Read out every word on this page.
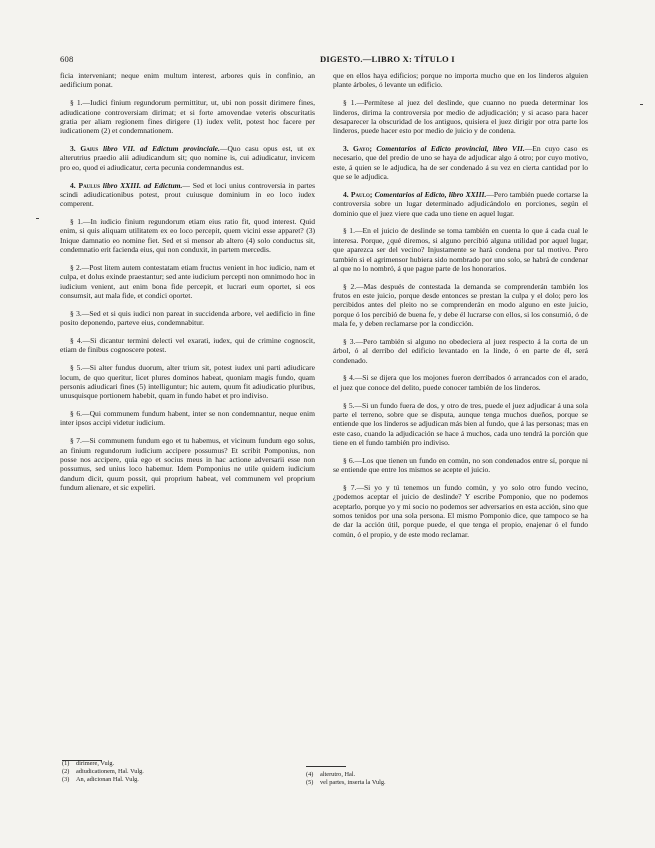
608	DIGESTO.—LIBRO X: TÍTULO I

ficia interveniant; neque enim multum interest, arbores quis in confinio, an aedificium ponat.

§ 1.—Iudici finium regundorum permittitur, ut, ubi non possit dirimere fines, adiudicatione controversiam dirimat; et si forte amovendae veteris obscuritatis gratia per aliam regionem fines dirigere (1) iudex velit, potest hoc facere per iudicationem (2) et condemnationem.

3. Gaius libro VII. ad Edictum provinciale.—Quo casu opus est, ut ex alterutrius praedio alii adiudicandum sit; quo nomine is, cui adiudicatur, invicem pro eo, quod ei adiudicatur, certa pecunia condemnandus est.

4. Paulus libro XXIII. ad Edictum.— Sed et loci unius controversia in partes scindi adiudicationibus potest, prout cuiusque dominium in eo loco iudex comperent.

§ 1.—In iudicio finium regundorum etiam eius ratio fit, quod interest. Quid enim, si quis aliquam utilitatem ex eo loco percepit, quem vicini esse apparet? (3) Inique damnatio eo nomine fiet. Sed et si mensor ab altero (4) solo conductus sit, condemnatio erit facienda eius, qui non conduxit, in partem mercedis.

§ 2.—Post litem autem contestatam etiam fructus venient in hoc iudicio, nam et culpa, et dolus exinde praestantur; sed ante iudicium percepti non omnimodo hoc in iudicium venient, aut enim bona fide percepit, et lucrari eum oportet, si eos consumsit, aut mala fide, et condici oportet.

§ 3.—Sed et si quis iudici non pareat in succidenda arbore, vel aedificio in fine posito deponendo, parteve eius, condemnabitur.

§ 4.—Si dicantur termini delecti vel exarati, iudex, qui de crimine cognoscit, etiam de finibus cognoscere potest.

§ 5.—Si alter fundus duorum, alter trium sit, potest iudex uni parti adiudicare locum, de quo queritur, licet plures dominos habeat, quoniam magis fundo, quam personis adiudicari fines (5) intelliguntur; hic autem, quum fit adiudicatio pluribus, unusquisque portionem habebit, quam in fundo habet et pro indiviso.

§ 6.—Qui communem fundum habent, inter se non condemnantur, neque enim inter ipsos accipi videtur iudicium.

§ 7.—Si communem fundum ego et tu habemus, et vicinum fundum ego solus, an finium regundorum iudicium accipere possumus? Et scribit Pomponius, non posse nos accipere, quia ego et socius meus in hac actione adversarii esse non possumus, sed unius loco habemur. Idem Pomponius ne utile quidem iudicium dandum dicit, quum possit, qui proprium habeat, vel communem vel proprium fundum alienare, et sic expeliri.

que en ellos haya edificios; porque no importa mucho que en los linderos alguien plante árboles, ó levante un edificio.

§ 1.—Permítese al juez del deslinde, que cuanno no pueda determinar los linderos, dirima la controversia por medio de adjudicación; y si acaso para hacer desaparecer la obscuridad de los antiguos, quisiera el juez dirigir por otra parte los linderos, puede hacer esto por medio de juicio y de condena.

3. Gayo; Comentarios al Edicto provincial, libro VII.—En cuyo caso es necesario, que del predio de uno se haya de adjudicar algo á otro; por cuyo motivo, este, á quien se le adjudica, ha de ser condenado á su vez en cierta cantidad por lo que se le adjudica.

4. Paulo; Comentarios al Edicto, libro XXIII.—Pero también puede cortarse la controversia sobre un lugar determinado adjudicándolo en porciones, según el dominio que el juez viere que cada uno tiene en aquel lugar.

§ 1.—En el juicio de deslinde se toma también en cuenta lo que á cada cual le interesa. Porque, ¿qué diremos, si alguno percibió alguna utilidad por aquel lugar, que aparezca ser del vecino? Injustamente se hará condena por tal motivo. Pero también si el agrimensor hubiera sido nombrado por uno solo, se habrá de condenar al que no lo nombró, á que pague parte de los honorarios.

§ 2.—Mas después de contestada la demanda se comprenderán también los frutos en este juicio, porque desde entonces se prestan la culpa y el dolo; pero los percibidos antes del pleito no se comprenderán en modo alguno en este juicio, porque ó los percibió de buena fe, y debe él lucrarse con ellos, si los consumió, ó de mala fe, y deben reclamarse por la condicción.

§ 3.—Pero también si alguno no obedeciera al juez respecto á la corta de un árbol, ó al derribo del edificio levantado en la linde, ó en parte de él, será condenado.

§ 4.—Si se dijera que los mojones fueron derribados ó arrancados con el arado, el juez que conoce del delito, puede conocer también de los linderos.

§ 5.—Si un fundo fuera de dos, y otro de tres, puede el juez adjudicar á una sola parte el terreno, sobre que se disputa, aunque tenga muchos dueños, porque se entiende que los linderos se adjudican más bien al fundo, que á las personas; mas en este caso, cuando la adjudicación se hace á muchos, cada uno tendrá la porción que tiene en el fundo también pro indiviso.

§ 6.—Los que tienen un fundo en común, no son condenados entre sí, porque ni se entiende que entre los mismos se acepte el juicio.

§ 7.—Si yo y tú tenemos un fundo común, y yo solo otro fundo vecino, ¿podemos aceptar el juicio de deslinde? Y escribe Pomponio, que no podemos aceptarlo, porque yo y mi socio no podemos ser adversarios en esta acción, sino que somos tenidos por una sola persona. El mismo Pomponio dice, que tampoco se ha de dar la acción útil, porque puede, el que tenga el propio, enajenar ó el fundo común, ó el propio, y de este modo reclamar.

(1) dirimere, Vulg.
(2) adiudicationem, Hal. Vulg.
(3) An, adicionan Hal. Vulg.
(4) alterutro, Hal.
(5) vel partes, inserta la Vulg.
